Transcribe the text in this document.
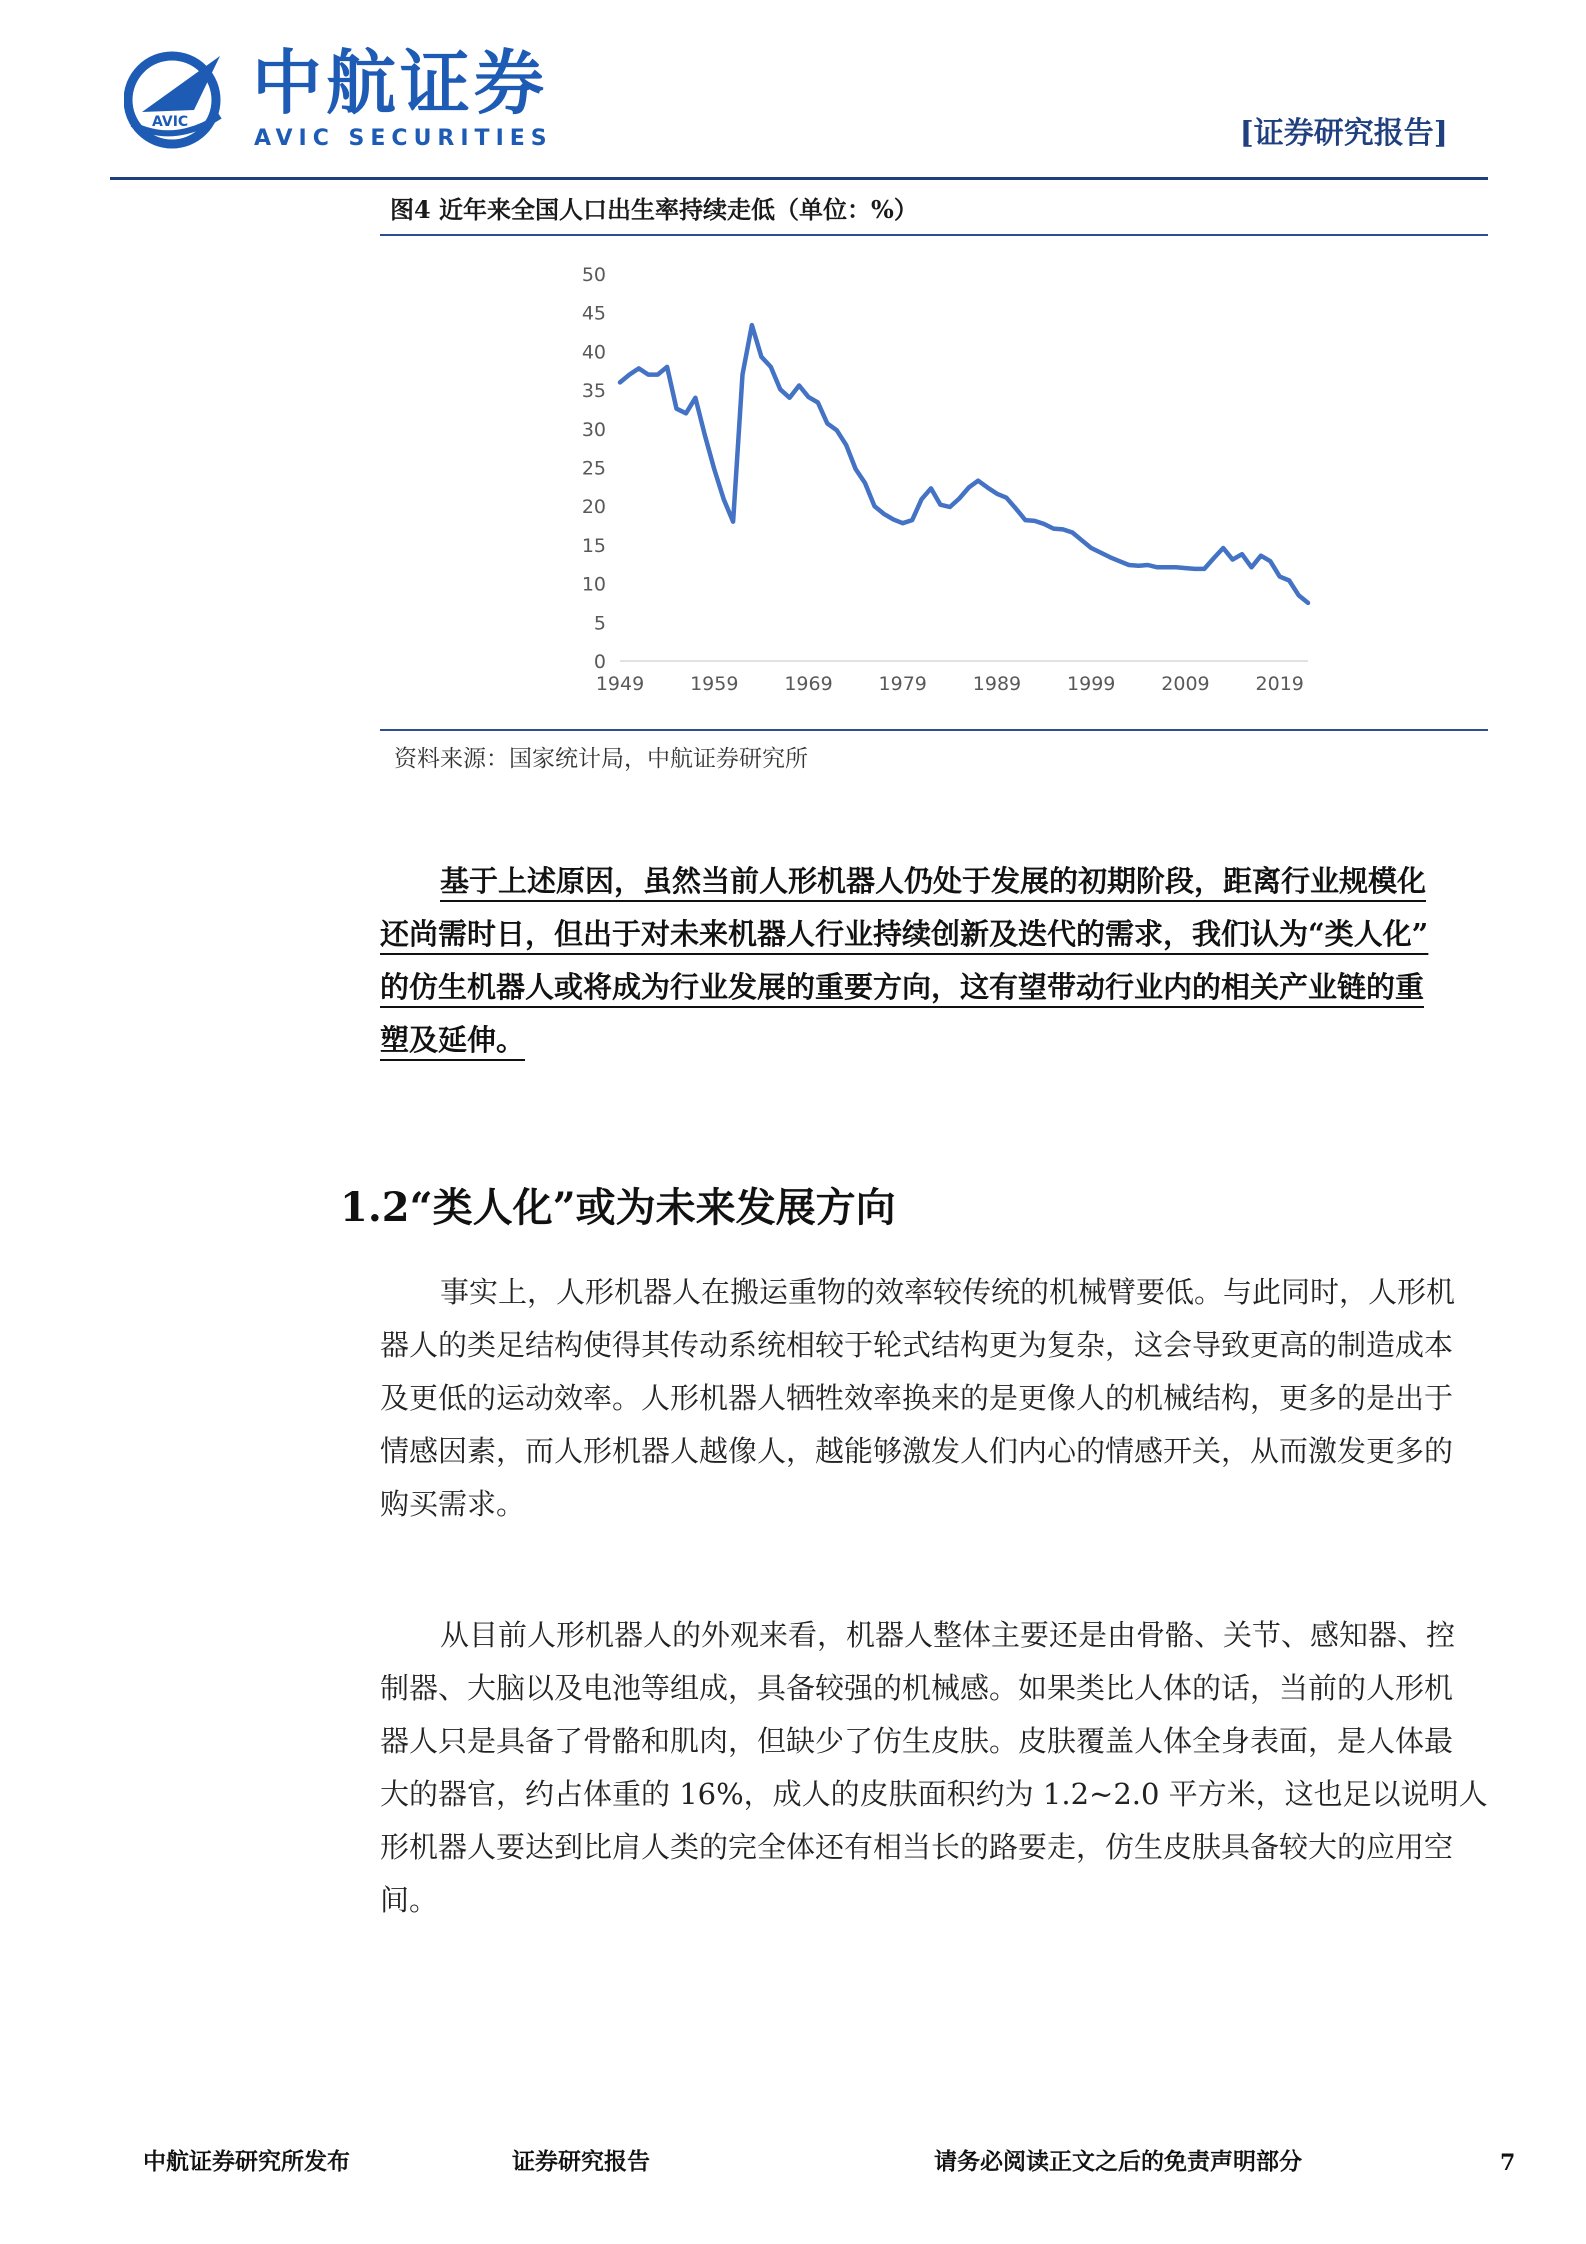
AVIC 中航证券
AVIC SECURITIES	[证券研究报告]
图4 近年来全国人口出生率持续走低（单位：%）
0
5
10
15
20
25
30
35
40
45
50
1949 1959 1969 1979 1989 1999 2009 2019
资料来源：国家统计局，中航证券研究所
基于上述原因，虽然当前人形机器人仍处于发展的初期阶段，距离行业规模化
还尚需时日，但出于对未来机器人行业持续创新及迭代的需求，我们认为“类人化”
的仿生机器人或将成为行业发展的重要方向，这有望带动行业内的相关产业链的重
塑及延伸。
1.2“类人化”或为未来发展方向
事实上，人形机器人在搬运重物的效率较传统的机械臂要低。与此同时，人形机
器人的类足结构使得其传动系统相较于轮式结构更为复杂，这会导致更高的制造成本
及更低的运动效率。人形机器人牺牲效率换来的是更像人的机械结构，更多的是出于
情感因素，而人形机器人越像人，越能够激发人们内心的情感开关，从而激发更多的
购买需求。
从目前人形机器人的外观来看，机器人整体主要还是由骨骼、关节、感知器、控
制器、大脑以及电池等组成，具备较强的机械感。如果类比人体的话，当前的人形机
器人只是具备了骨骼和肌肉，但缺少了仿生皮肤。皮肤覆盖人体全身表面，是人体最
大的器官，约占体重的 16%，成人的皮肤面积约为 1.2~2.0 平方米，这也足以说明人
形机器人要达到比肩人类的完全体还有相当长的路要走，仿生皮肤具备较大的应用空
间。
中航证券研究所发布	证券研究报告	请务必阅读正文之后的免责声明部分	7
